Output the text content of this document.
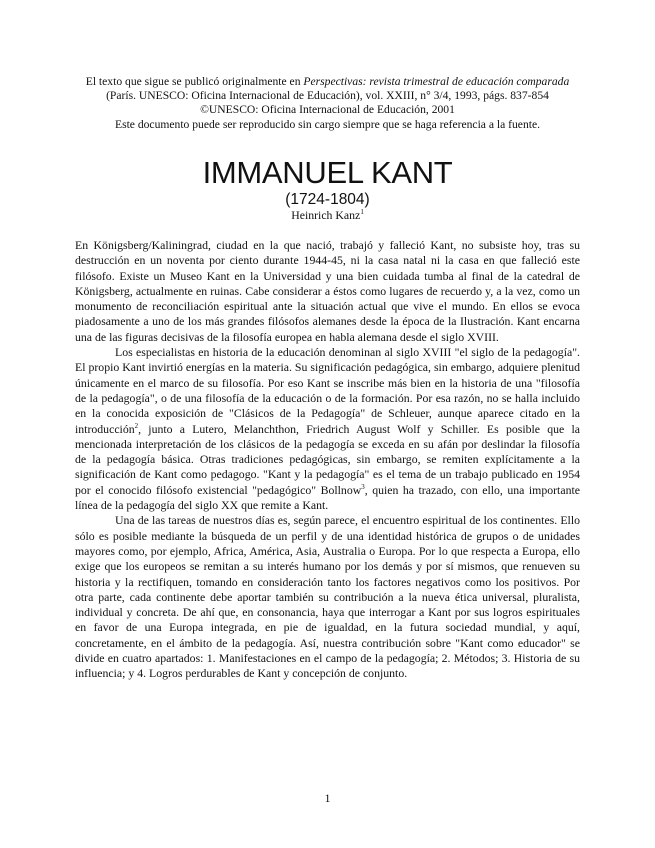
El texto que sigue se publicó originalmente en Perspectivas: revista trimestral de educación comparada
(París. UNESCO: Oficina Internacional de Educación), vol. XXIII, n° 3/4, 1993, págs. 837-854
©UNESCO: Oficina Internacional de Educación, 2001
Este documento puede ser reproducido sin cargo siempre que se haga referencia a la fuente.
IMMANUEL KANT
(1724-1804)
Heinrich Kanz$^1$

En Königsberg/Kaliningrad, ciudad en la que nació, trabajó y falleció Kant, no subsiste hoy, tras su destrucción en un noventa por ciento durante 1944-45, ni la casa natal ni la casa en que falleció este filósofo. Existe un Museo Kant en la Universidad y una bien cuidada tumba al final de la catedral de Königsberg, actualmente en ruinas. Cabe considerar a éstos como lugares de recuerdo y, a la vez, como un monumento de reconciliación espiritual ante la situación actual que vive el mundo. En ellos se evoca piadosamente a uno de los más grandes filósofos alemanes desde la época de la Ilustración. Kant encarna una de las figuras decisivas de la filosofía europea en habla alemana desde el siglo XVIII.

Los especialistas en historia de la educación denominan al siglo XVIII "el siglo de la pedagogía". El propio Kant invirtió energías en la materia. Su significación pedagógica, sin embargo, adquiere plenitud únicamente en el marco de su filosofía. Por eso Kant se inscribe más bien en la historia de una "filosofía de la pedagogía", o de una filosofía de la educación o de la formación. Por esa razón, no se halla incluido en la conocida exposición de "Clásicos de la Pedagogía" de Schleuer, aunque aparece citado en la introducción$^2$, junto a Lutero, Melanchthon, Friedrich August Wolf y Schiller. Es posible que la mencionada interpretación de los clásicos de la pedagogía se exceda en su afán por deslindar la filosofía de la pedagogía básica. Otras tradiciones pedagógicas, sin embargo, se remiten explícitamente a la significación de Kant como pedagogo. "Kant y la pedagogía" es el tema de un trabajo publicado en 1954 por el conocido filósofo existencial "pedagógico" Bollnow$^3$, quien ha trazado, con ello, una importante línea de la pedagogía del siglo XX que remite a Kant.

Una de las tareas de nuestros días es, según parece, el encuentro espiritual de los continentes. Ello sólo es posible mediante la búsqueda de un perfil y de una identidad histórica de grupos o de unidades mayores como, por ejemplo, Africa, América, Asia, Australia o Europa. Por lo que respecta a Europa, ello exige que los europeos se remitan a su interés humano por los demás y por sí mismos, que renueven su historia y la rectifiquen, tomando en consideración tanto los factores negativos como los positivos. Por otra parte, cada continente debe aportar también su contribución a la nueva ética universal, pluralista, individual y concreta. De ahí que, en consonancia, haya que interrogar a Kant por sus logros espirituales en favor de una Europa integrada, en pie de igualdad, en la futura sociedad mundial, y aquí, concretamente, en el ámbito de la pedagogía. Así, nuestra contribución sobre "Kant como educador" se divide en cuatro apartados: 1. Manifestaciones en el campo de la pedagogía; 2. Métodos; 3. Historia de su influencia; y 4. Logros perdurables de Kant y concepción de conjunto.

1
